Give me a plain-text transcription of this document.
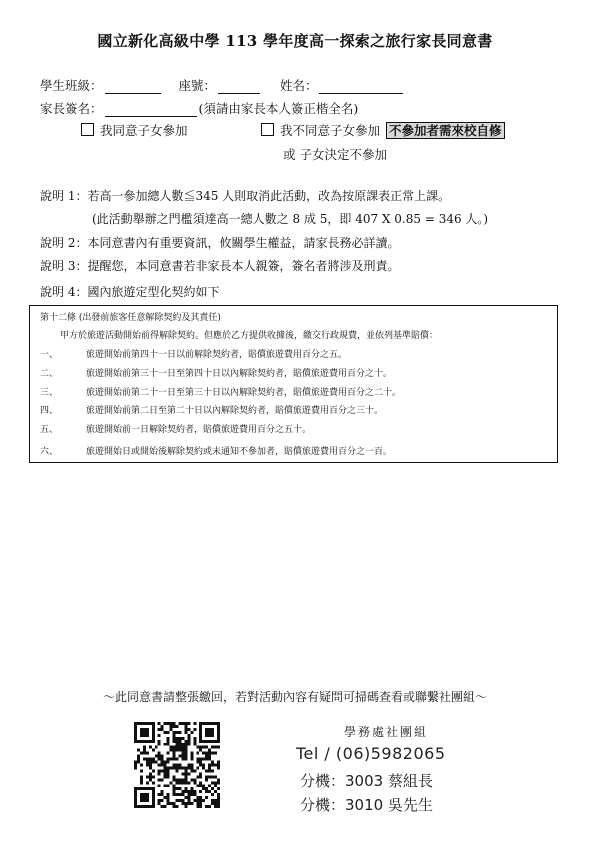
國立新化高級中學 113 學年度高一探索之旅行家長同意書
學生班級：	座號：	姓名：
家長簽名：	(須請由家長本人簽正楷全名)
我同意子女參加	我不同意子女參加 不參加者需來校自修
或 子女決定不參加
說明 1：若高一參加總人數≦345 人則取消此活動，改為按原課表正常上課。
(此活動舉辦之門檻須達高一總人數之 8 成 5，即 407 X 0.85 = 346 人。)
說明 2：本同意書內有重要資訊，攸關學生權益，請家長務必詳讀。
說明 3：提醒您，本同意書若非家長本人親簽，簽名者將涉及刑責。
說明 4：國內旅遊定型化契約如下
第十二條 (出發前旅客任意解除契約及其責任)
甲方於旅遊活動開始前得解除契約。但應於乙方提供收據後，繳交行政規費，並依列基準賠償：
一、	旅遊開始前第四十一日以前解除契約者，賠償旅遊費用百分之五。
二、	旅遊開始前第三十一日至第四十日以內解除契約者，賠償旅遊費用百分之十。
三、	旅遊開始前第二十一日至第三十日以內解除契約者，賠償旅遊費用百分之二十。
四、	旅遊開始前第二日至第二十日以內解除契約者，賠償旅遊費用百分之三十。
五、	旅遊開始前一日解除契約者，賠償旅遊費用百分之五十。
六、	旅遊開始日或開始後解除契約或未通知不參加者，賠償旅遊費用百分之一百。
～此同意書請整張繳回，若對活動內容有疑問可掃碼查看或聯繫社團組～
學務處社團組
Tel / (06)5982065
分機：3003 蔡組長
分機：3010 吳先生
